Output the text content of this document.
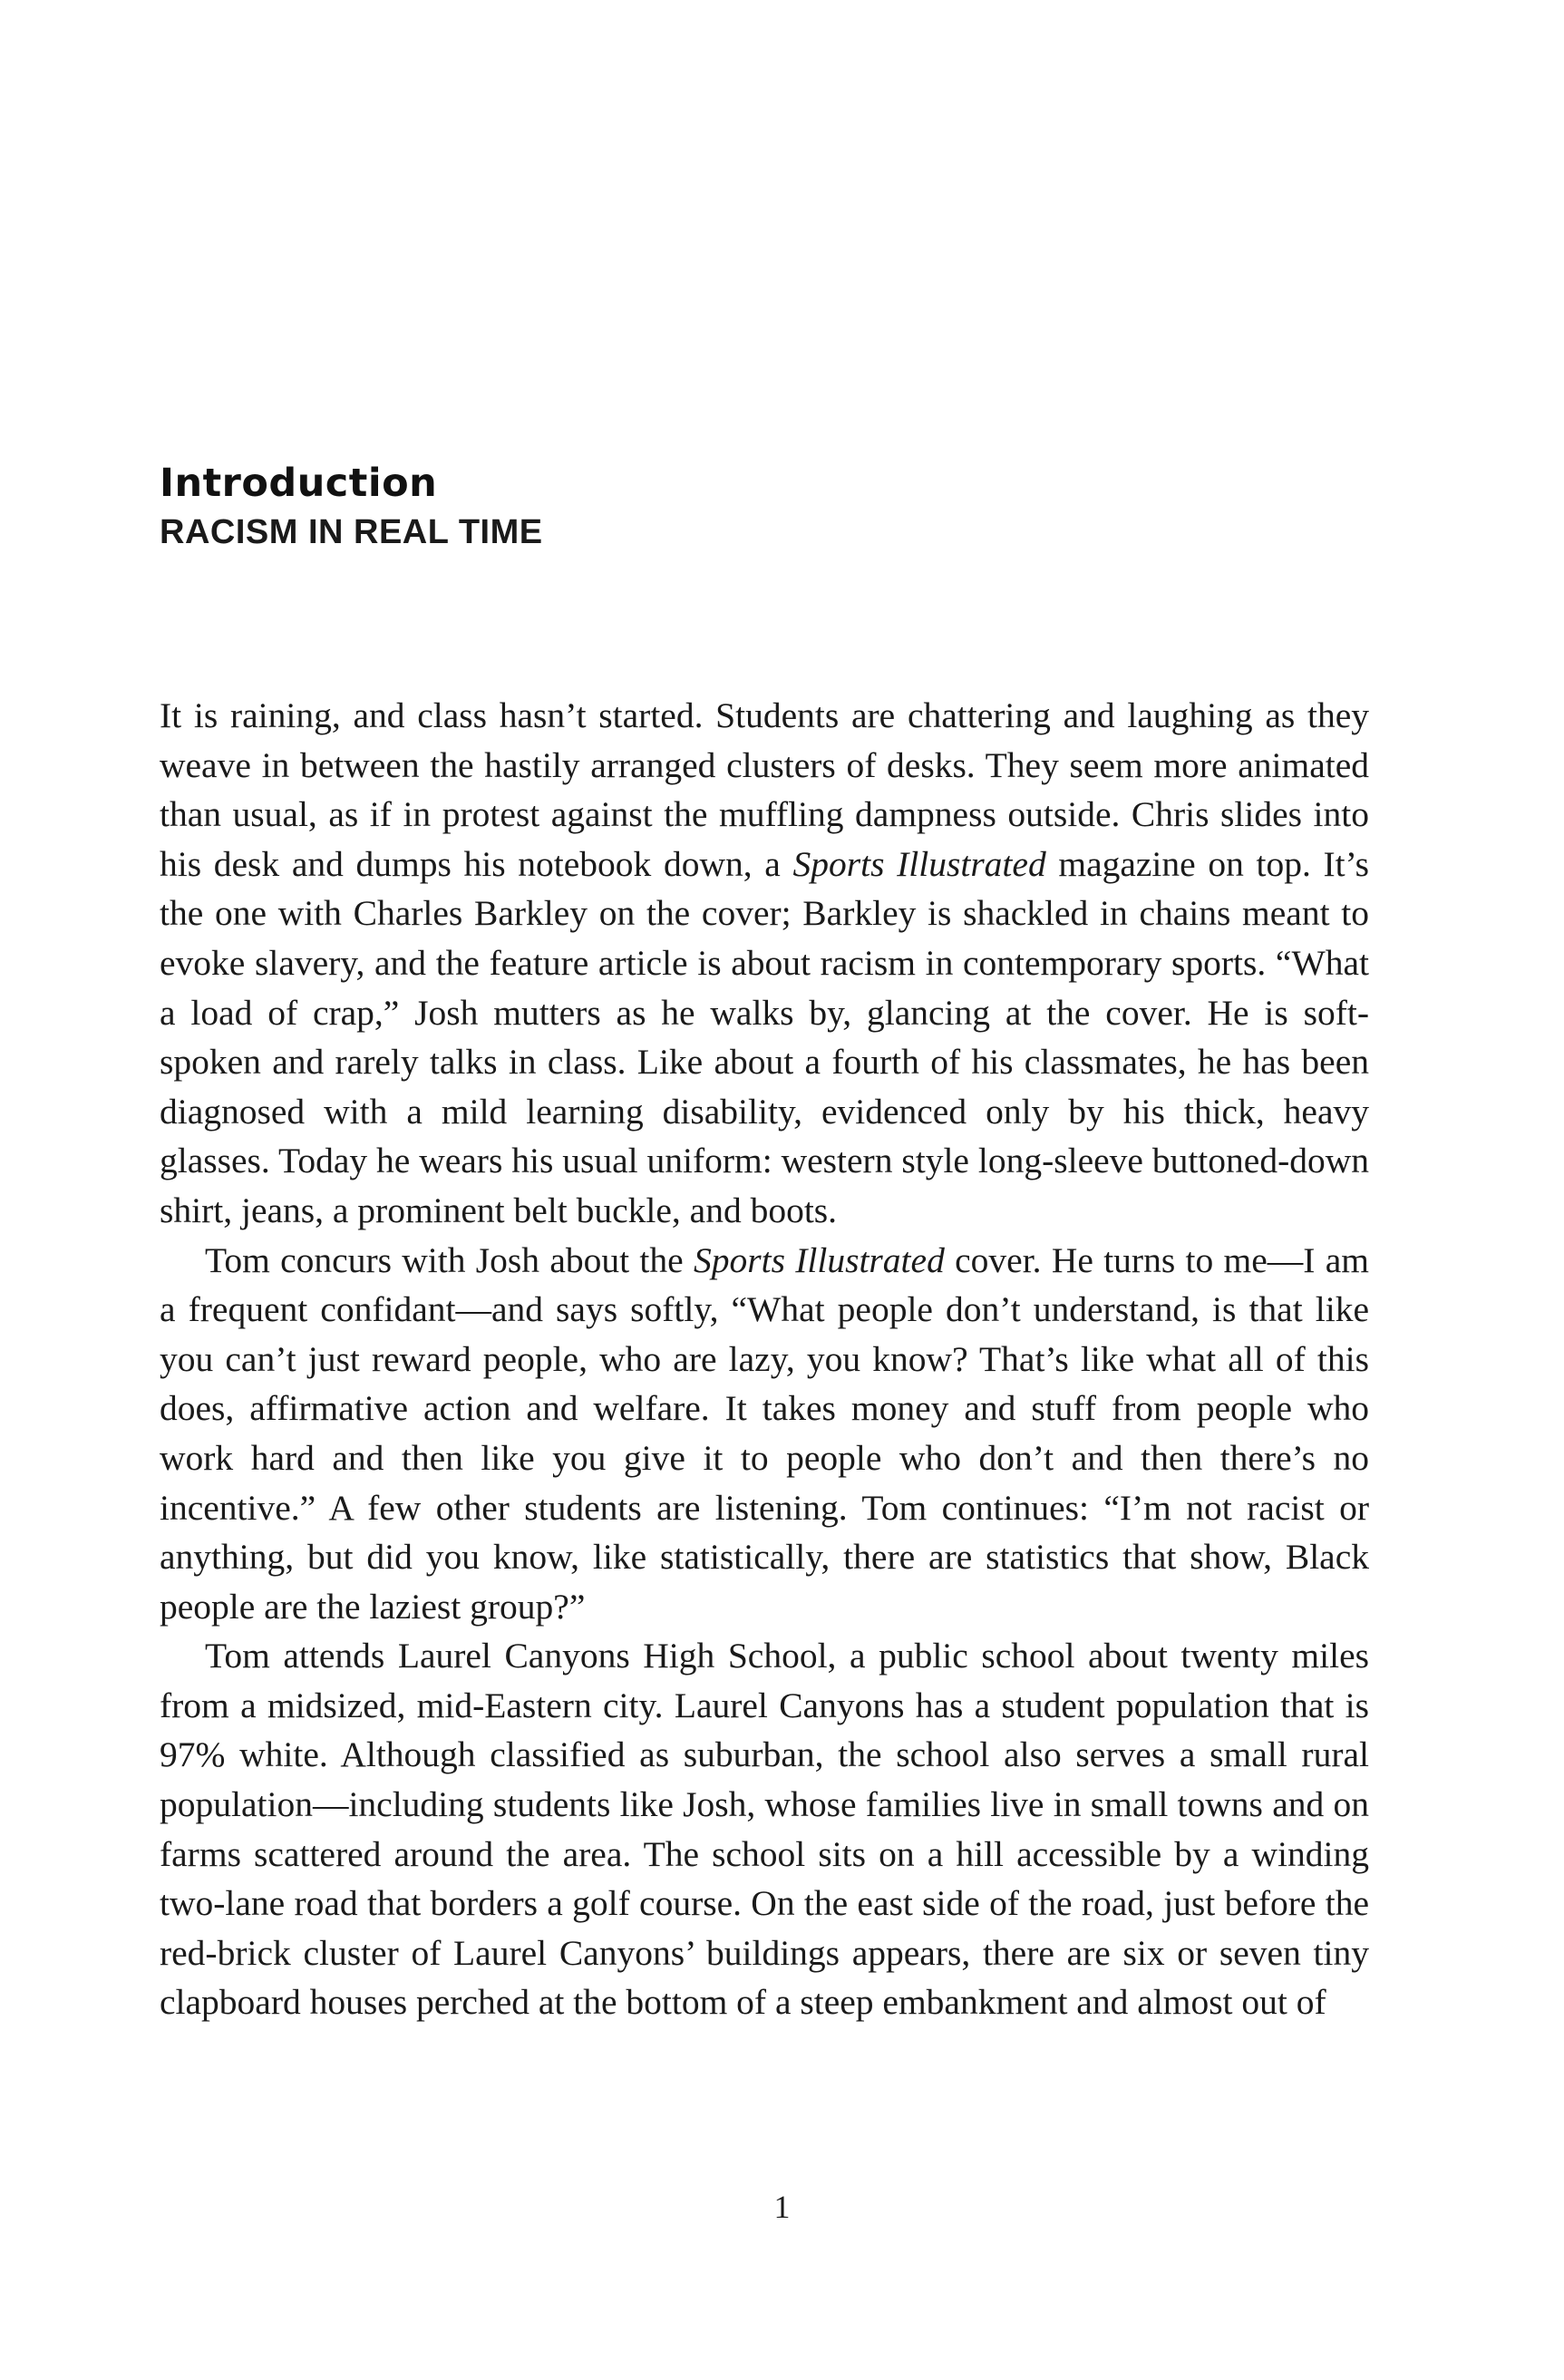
Introduction
RACISM IN REAL TIME

It is raining, and class hasn’t started. Students are chattering and laughing as they weave in between the hastily arranged clusters of desks. They seem more animated than usual, as if in protest against the muffling dampness outside. Chris slides into his desk and dumps his notebook down, a Sports Illustrated magazine on top. It’s the one with Charles Barkley on the cover; Barkley is shackled in chains meant to evoke slavery, and the feature article is about racism in contemporary sports. “What a load of crap,” Josh mutters as he walks by, glancing at the cover. He is soft-spoken and rarely talks in class. Like about a fourth of his classmates, he has been diagnosed with a mild learning disability, evidenced only by his thick, heavy glasses. Today he wears his usual uniform: western style long-sleeve buttoned-down shirt, jeans, a prominent belt buckle, and boots.

Tom concurs with Josh about the Sports Illustrated cover. He turns to me—I am a frequent confidant—and says softly, “What people don’t understand, is that like you can’t just reward people, who are lazy, you know? That’s like what all of this does, affirmative action and welfare. It takes money and stuff from people who work hard and then like you give it to people who don’t and then there’s no incentive.” A few other students are listening. Tom continues: “I’m not racist or anything, but did you know, like statistically, there are statistics that show, Black people are the laziest group?”

Tom attends Laurel Canyons High School, a public school about twenty miles from a midsized, mid-Eastern city. Laurel Canyons has a student population that is 97% white. Although classified as suburban, the school also serves a small rural population—including students like Josh, whose families live in small towns and on farms scattered around the area. The school sits on a hill accessible by a winding two-lane road that borders a golf course. On the east side of the road, just before the red-brick cluster of Laurel Canyons’ buildings appears, there are six or seven tiny clapboard houses perched at the bottom of a steep embankment and almost out of

1
